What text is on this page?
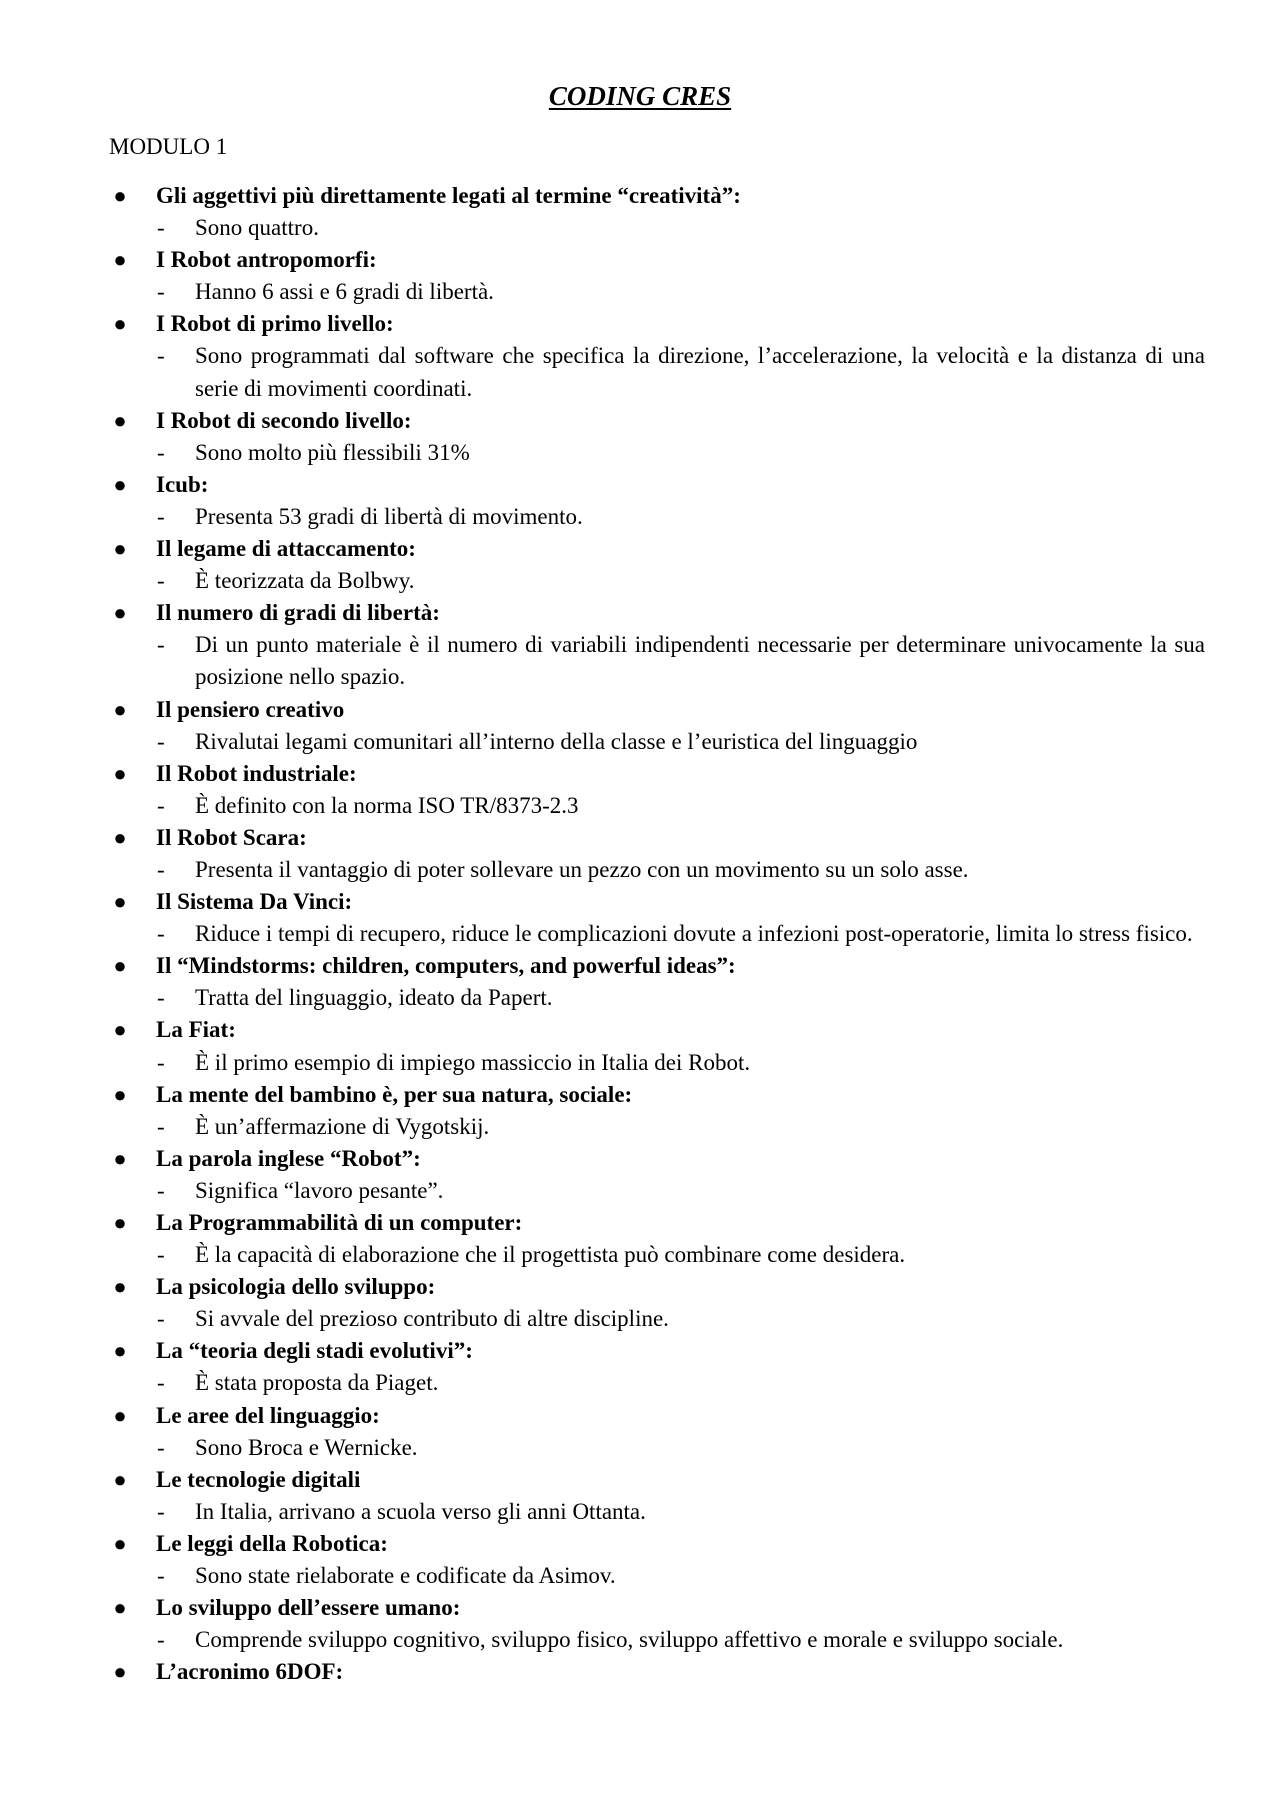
CODING CRES
MODULO 1
● Gli aggettivi più direttamente legati al termine “creatività”:
- Sono quattro.
● I Robot antropomorfi:
- Hanno 6 assi e 6 gradi di libertà.
● I Robot di primo livello:
- Sono programmati dal software che specifica la direzione, l’accelerazione, la velocità e la distanza di una serie di movimenti coordinati.
● I Robot di secondo livello:
- Sono molto più flessibili 31%
● Icub:
- Presenta 53 gradi di libertà di movimento.
● Il legame di attaccamento:
- È teorizzata da Bolbwy.
● Il numero di gradi di libertà:
- Di un punto materiale è il numero di variabili indipendenti necessarie per determinare univocamente la sua posizione nello spazio.
● Il pensiero creativo
- Rivalutai legami comunitari all’interno della classe e l’euristica del linguaggio
● Il Robot industriale:
- È definito con la norma ISO TR/8373-2.3
● Il Robot Scara:
- Presenta il vantaggio di poter sollevare un pezzo con un movimento su un solo asse.
● Il Sistema Da Vinci:
- Riduce i tempi di recupero, riduce le complicazioni dovute a infezioni post-operatorie, limita lo stress fisico.
● Il “Mindstorms: children, computers, and powerful ideas”:
- Tratta del linguaggio, ideato da Papert.
● La Fiat:
- È il primo esempio di impiego massiccio in Italia dei Robot.
● La mente del bambino è, per sua natura, sociale:
- È un’affermazione di Vygotskij.
● La parola inglese “Robot”:
- Significa “lavoro pesante”.
● La Programmabilità di un computer:
- È la capacità di elaborazione che il progettista può combinare come desidera.
● La psicologia dello sviluppo:
- Si avvale del prezioso contributo di altre discipline.
● La “teoria degli stadi evolutivi”:
- È stata proposta da Piaget.
● Le aree del linguaggio:
- Sono Broca e Wernicke.
● Le tecnologie digitali
- In Italia, arrivano a scuola verso gli anni Ottanta.
● Le leggi della Robotica:
- Sono state rielaborate e codificate da Asimov.
● Lo sviluppo dell’essere umano:
- Comprende sviluppo cognitivo, sviluppo fisico, sviluppo affettivo e morale e sviluppo sociale.
● L’acronimo 6DOF:
